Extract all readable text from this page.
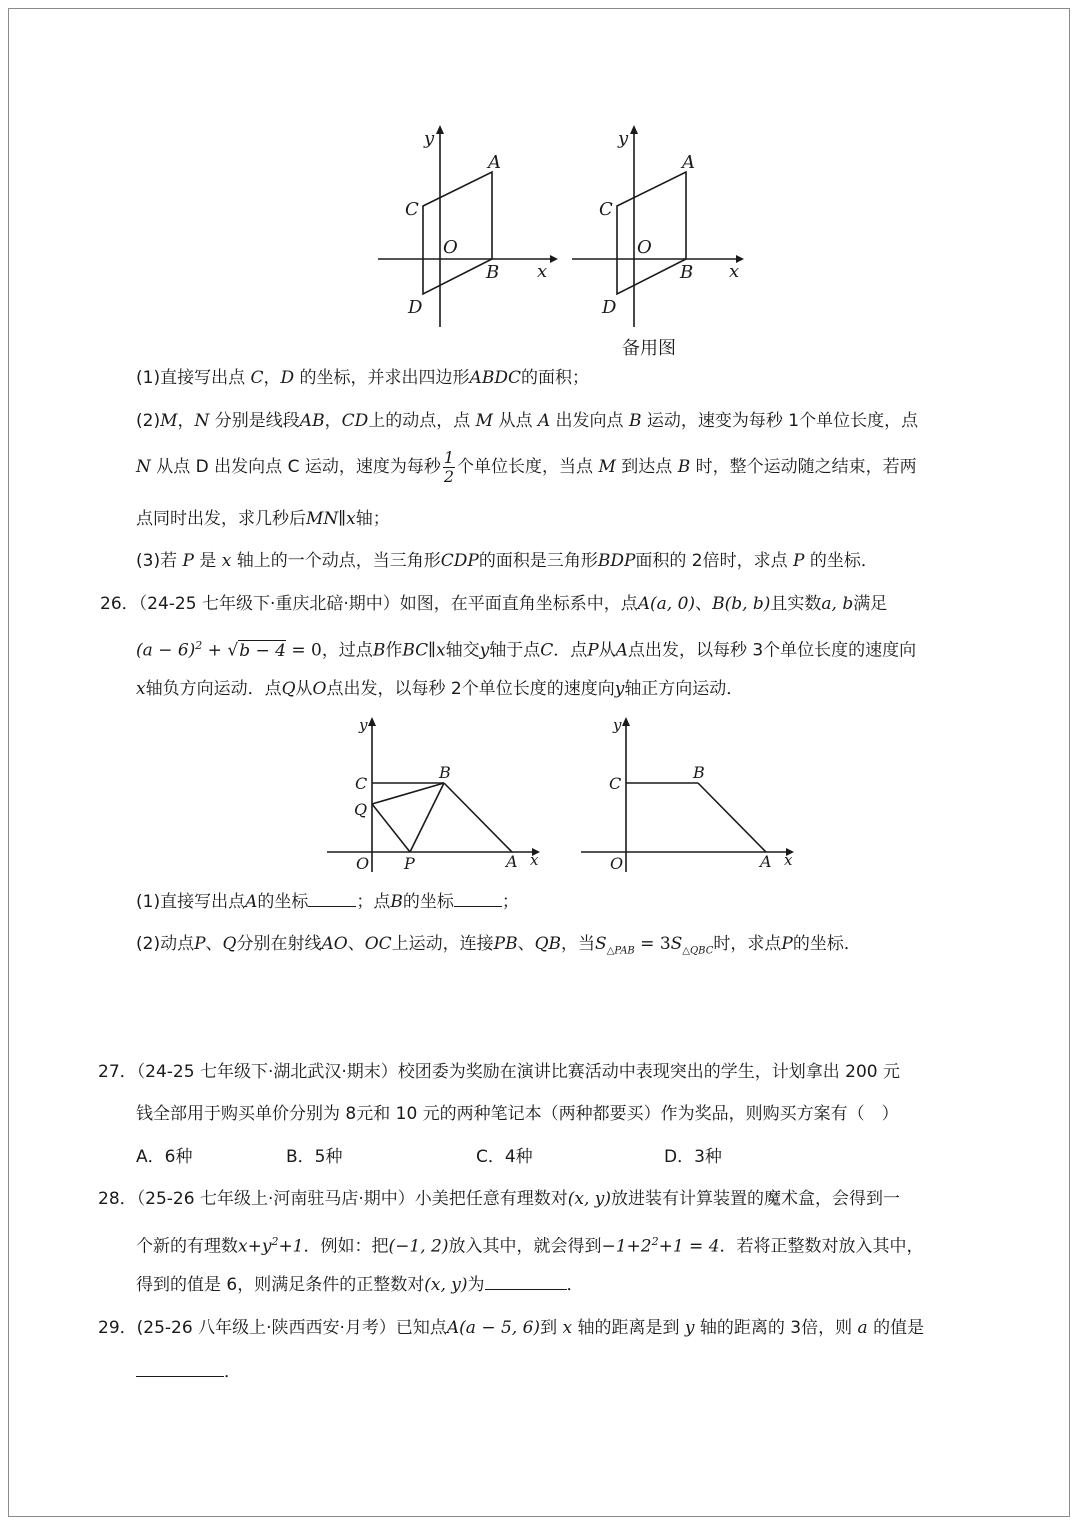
y
x
A
B
C
D
O
y
x
A
B
C
D
O
备用图
(1)直接写出点 C，D 的坐标，并求出四边形ABDC的面积；
(2)M，N 分别是线段AB，CD上的动点，点 M 从点 A 出发向点 B 运动，速变为每秒 1个单位长度，点
N 从点 D 出发向点 C 运动，速度为每秒 $\frac{1}{2}$ 个单位长度，当点 M 到达点 B 时，整个运动随之结束，若两
点同时出发，求几秒后MN∥x轴；
(3)若 P 是 x 轴上的一个动点，当三角形CDP的面积是三角形BDP面积的 2倍时，求点 P 的坐标．
26．（24-25 七年级下·重庆北碚·期中）如图，在平面直角坐标系中，点A(a, 0)、B(b, b)且实数a, b满足
$(a - 6)^2 + √b - 4 = 0$，过点B作BC∥x轴交y轴于点C．点P从A点出发，以每秒 3个单位长度的速度向
x轴负方向运动．点Q从O点出发，以每秒 2个单位长度的速度向y轴正方向运动．
y
x
C
Q
B
O P	A
y
x
C
B
O	A
(1)直接写出点A的坐标	；点B的坐标	；
(2)动点P、Q分别在射线AO、OC上运动，连接PB、QB，当$S_{\triangle PAB} = 3S_{\triangle QBC}$时，求点P的坐标．
27．（24-25 七年级下·湖北武汉·期末）校团委为奖励在演讲比赛活动中表现突出的学生，计划拿出 200 元
钱全部用于购买单价分别为 8元和 10 元的两种笔记本（两种都要买）作为奖品，则购买方案有（　）
A．6种	B．5种	C．4种	D．3种
28．（25-26 七年级上·河南驻马店·期中）小美把任意有理数对(x, y)放进装有计算装置的魔术盒，会得到一
个新的有理数$x+y^2+1$．例如：把(−1, 2)放入其中，就会得到$-1+2^2+1 = 4$．若将正整数对放入其中，
得到的值是 6，则满足条件的正整数对(x, y)为	．
29．(25-26 八年级上·陕西西安·月考）已知点A(a − 5, 6)到 x 轴的距离是到 y 轴的距离的 3倍，则 a 的值是
．
